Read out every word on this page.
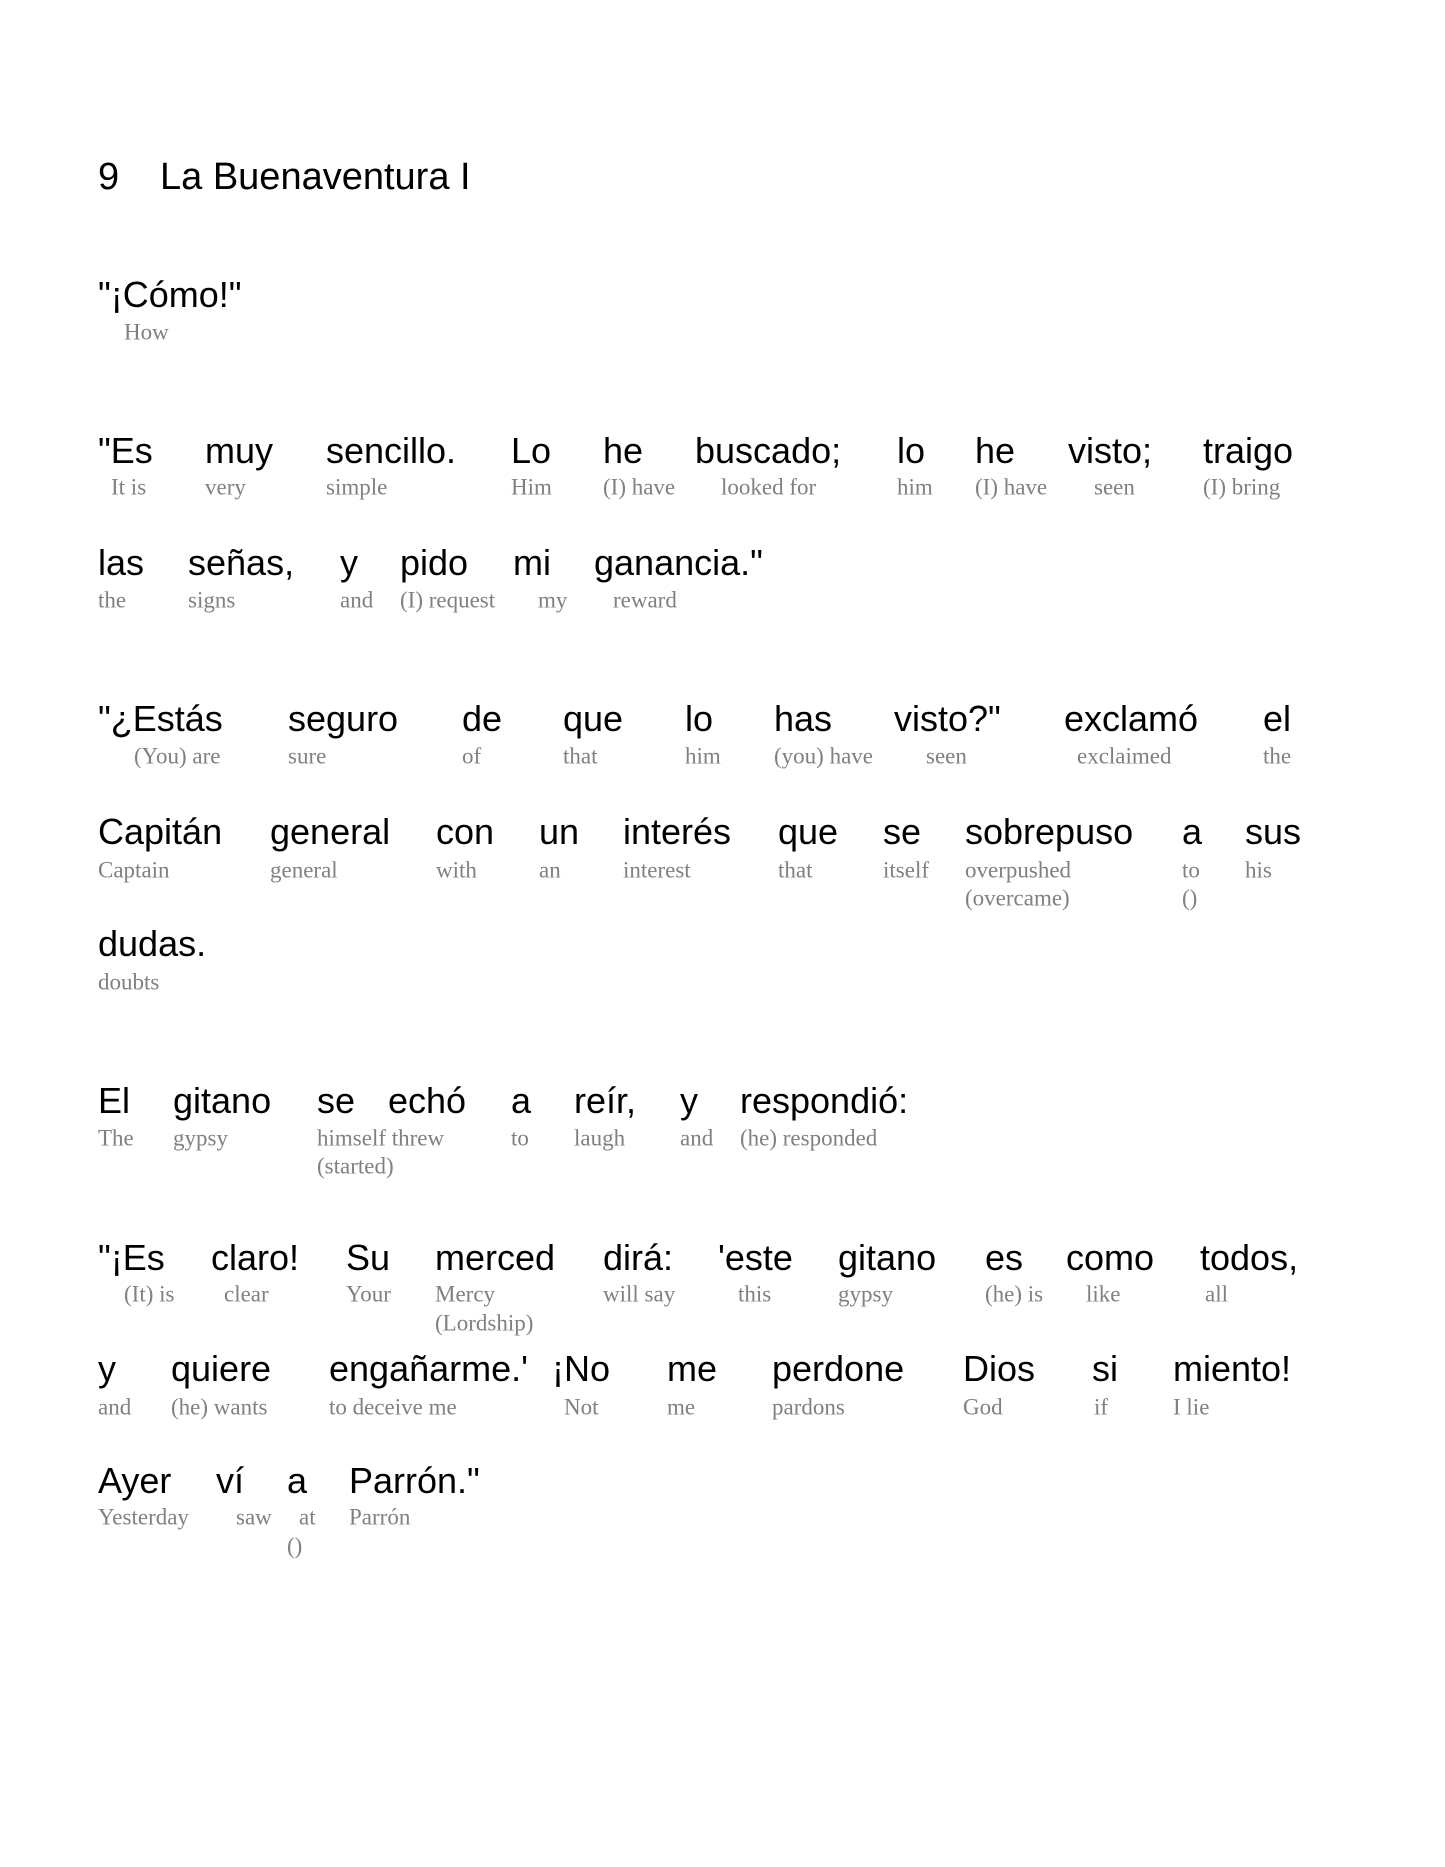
9 La Buenaventura I
"¡Cómo!"
How
"Es
It is
muy
very
sencillo.
simple
Lo
Him
he
(I) have
buscado;
looked for
lo
him
he
(I) have
visto;
seen
traigo
(I) bring
las
the
señas,
signs
y
and
pido
(I) request
mi
my
ganancia."
reward
"¿Estás
(You) are
seguro
sure
de
of
que
that
lo
him
has
(you) have
visto?"
seen
exclamó
exclaimed
el
the
Capitán
Captain
general
general
con
with
un
an
interés
interest
que
that
se
itself
sobrepuso
overpushed
(overcame)
a
to
()
sus
his
dudas.
doubts
El
The
gitano
gypsy
se
himself threw
(started)
echó a
to
reír,
laugh
y
and
respondió:
(he) responded
"¡Es
(It) is
claro!
clear
Su
Your
merced
Mercy
(Lordship)
dirá:
will say
'este
this
gitano
gypsy
es
(he) is
como
like
todos,
all
y
and
quiere
(he) wants
engañarme.'
to deceive me
¡No
Not
me
me
perdone
pardons
Dios
God
si
if
miento!
I lie
Ayer
Yesterday
ví
saw
a
at
()
Parrón."
Parrón
